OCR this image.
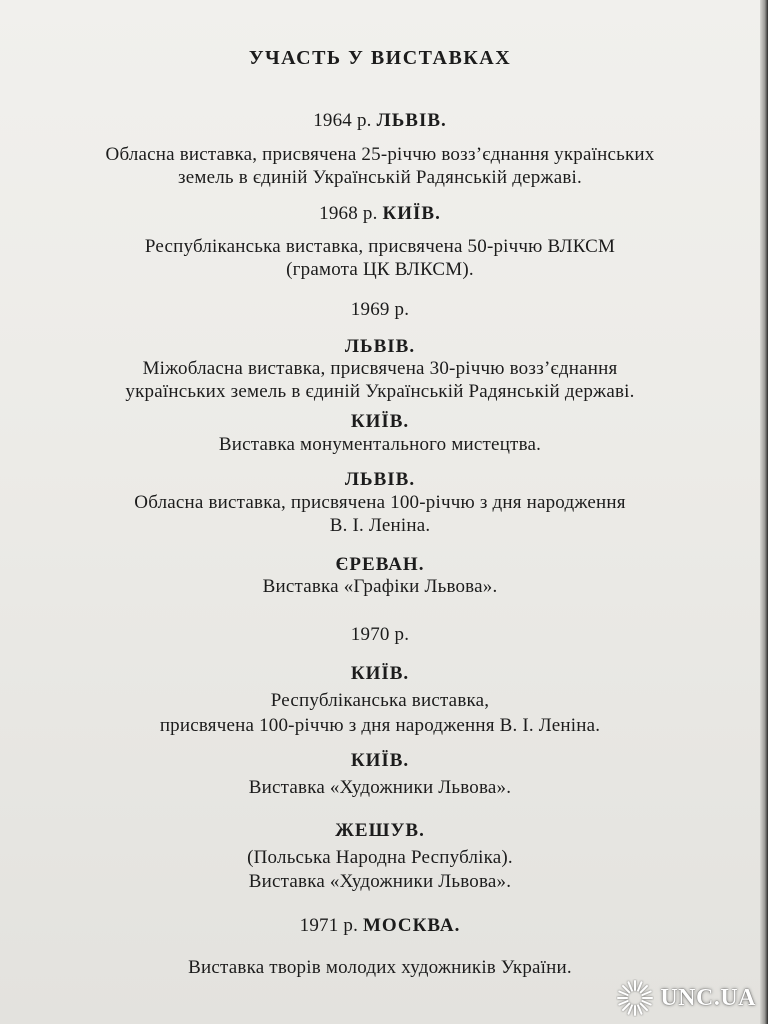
УЧАСТЬ У ВИСТАВКАХ
1964 р. ЛЬВІВ.
Обласна виставка, присвячена 25-річчю возз’єднання українських
земель в єдиній Українській Радянській державі.
1968 р. КИЇВ.
Республіканська виставка, присвячена 50-річчю ВЛКСМ
(грамота ЦК ВЛКСМ).
1969 р.
ЛЬВІВ.
Міжобласна виставка, присвячена 30-річчю возз’єднання
українських земель в єдиній Українській Радянській державі.
КИЇВ.
Виставка монументального мистецтва.
ЛЬВІВ.
Обласна виставка, присвячена 100-річчю з дня народження
В. І. Леніна.
ЄРЕВАН.
Виставка «Графіки Львова».
1970 р.
КИЇВ.
Республіканська виставка,
присвячена 100-річчю з дня народження В. І. Леніна.
КИЇВ.
Виставка «Художники Львова».
ЖЕШУВ.
(Польська Народна Республіка).
Виставка «Художники Львова».
1971 р. МОСКВА.
Виставка творів молодих художників України.
UNC.UA
